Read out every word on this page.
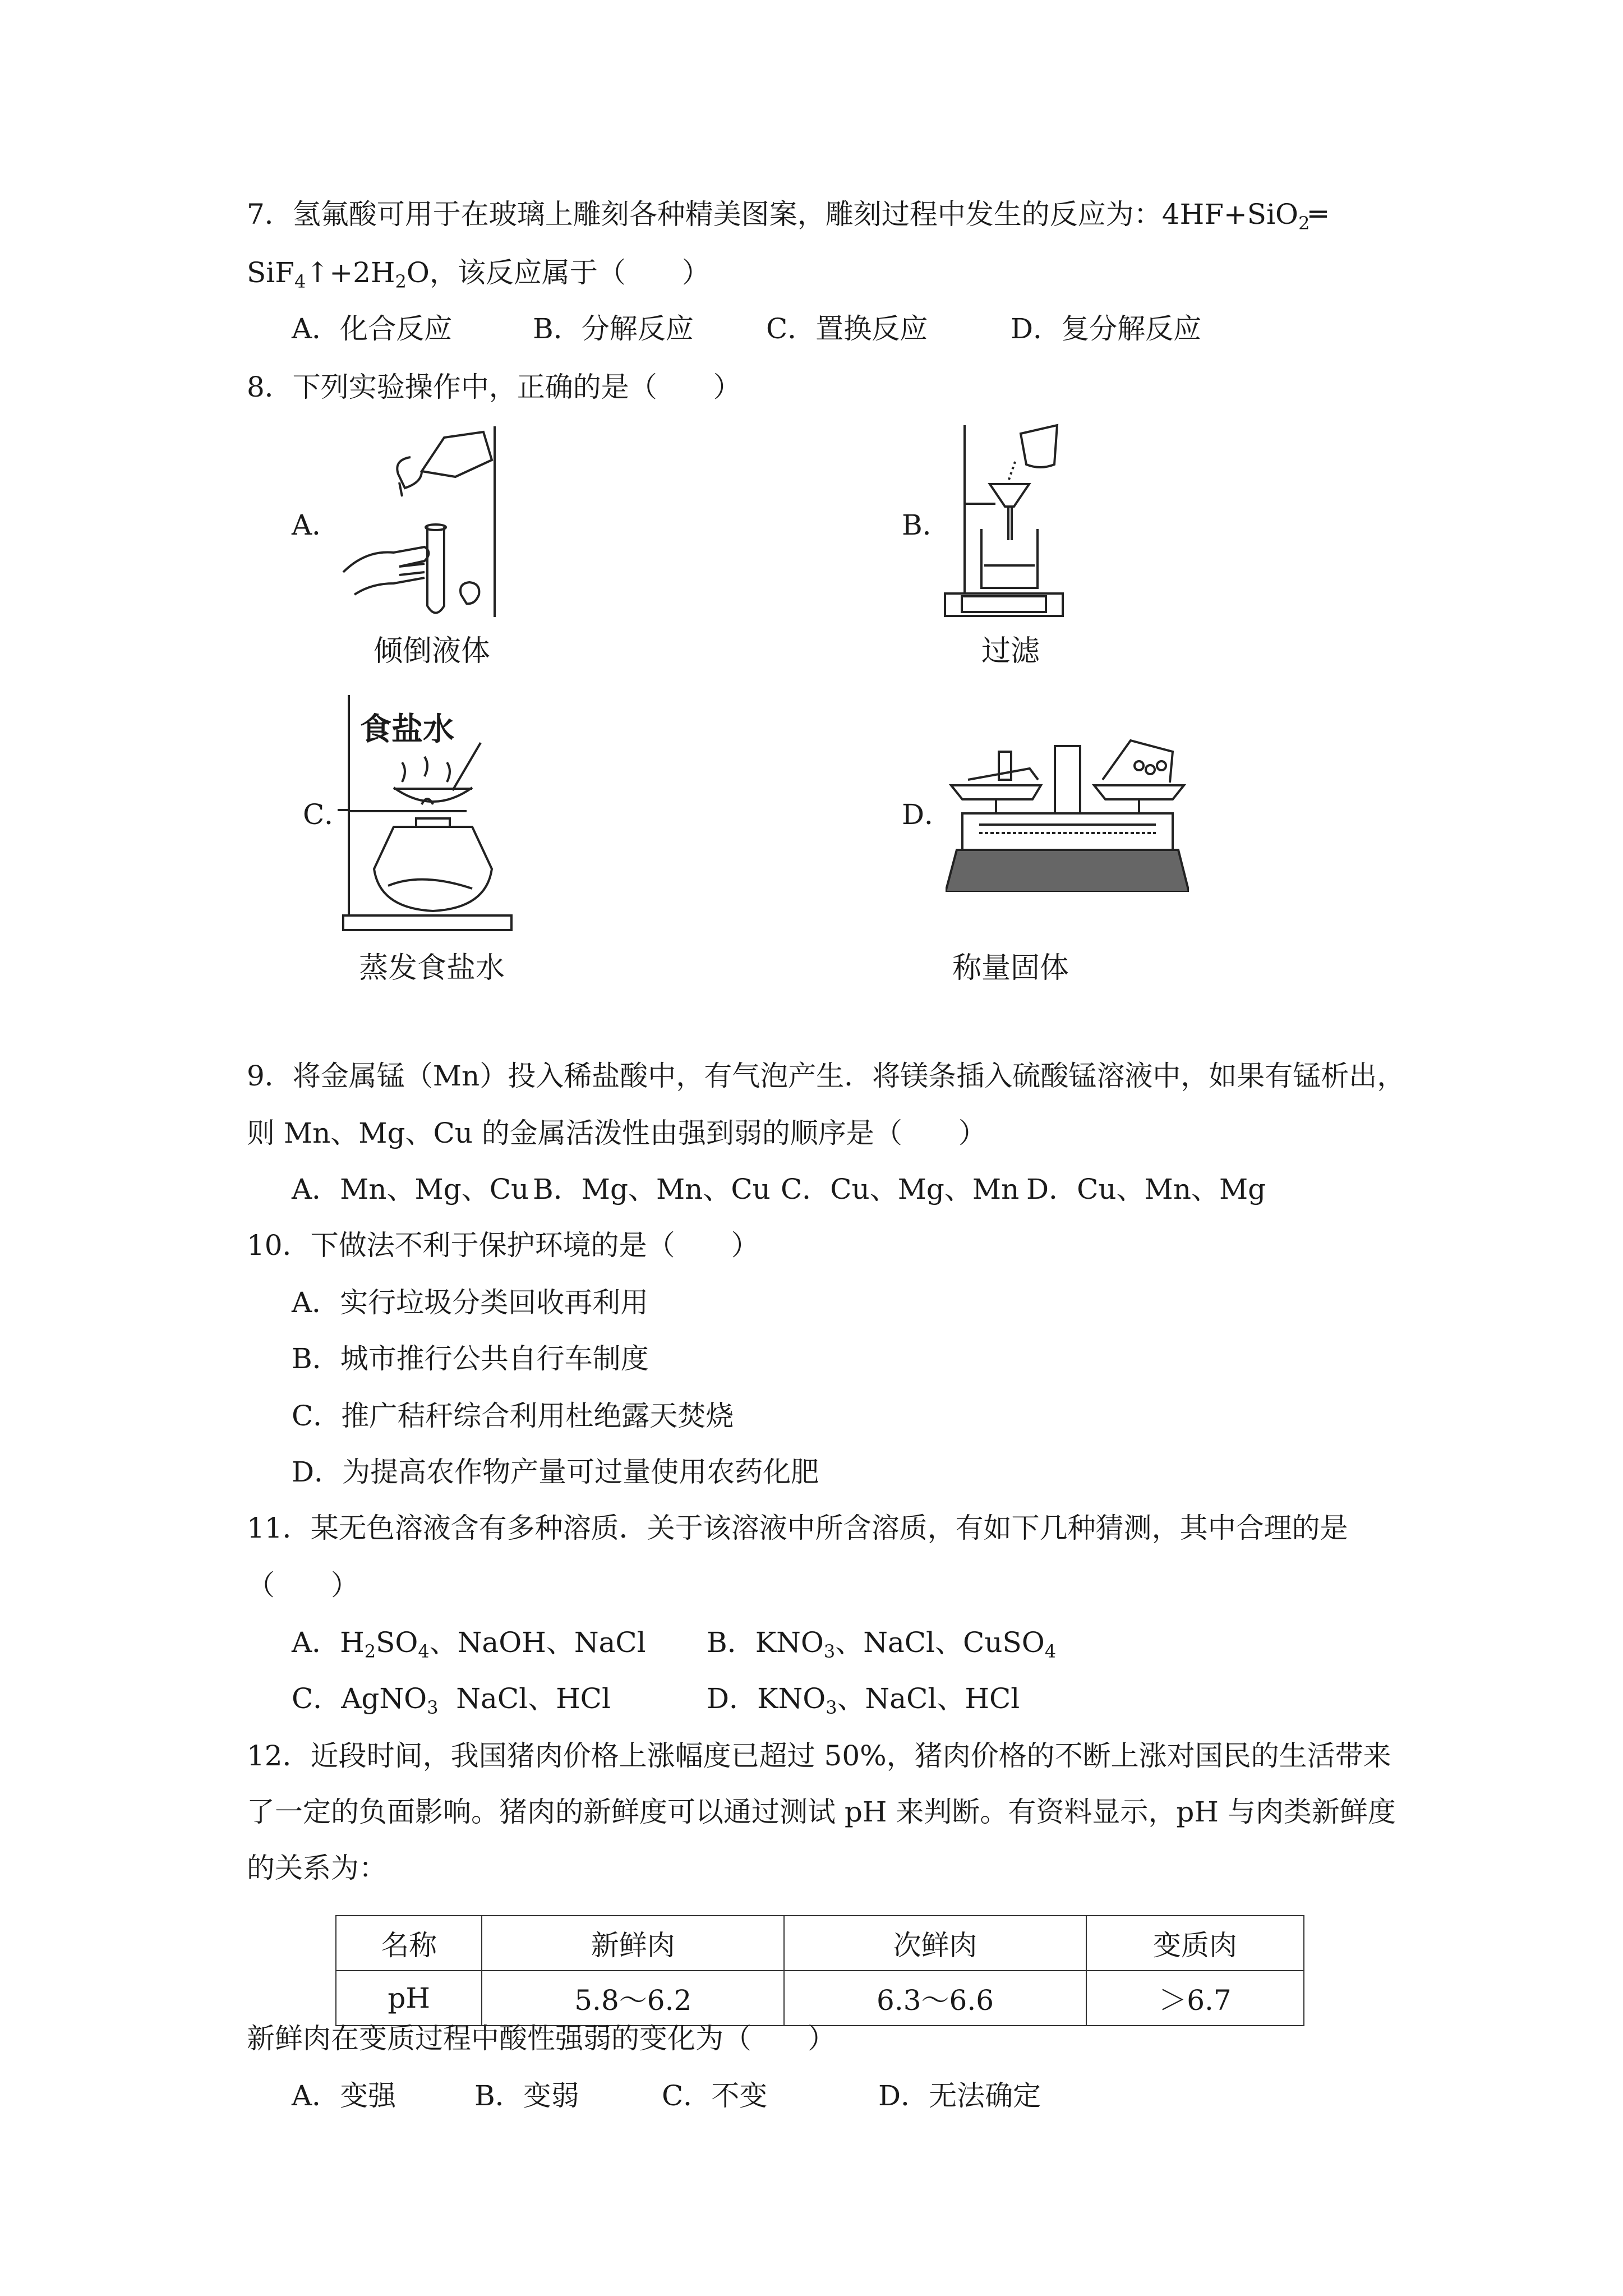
7．氢氟酸可用于在玻璃上雕刻各种精美图案，雕刻过程中发生的反应为：4HF+SiO$_2$═
$SiF_4↑+2H_2O$，该反应属于（　　）
A．化合反应	B．分解反应	C．置换反应	D．复分解反应
8．下列实验操作中，正确的是（　　）
A．
倾倒液体
B．
过滤
C．
食盐水
蒸发食盐水
D．
称量固体
9．将金属锰（Mn）投入稀盐酸中，有气泡产生．将镁条插入硫酸锰溶液中，如果有锰析出，
则 Mn、Mg、Cu 的金属活泼性由强到弱的顺序是（　　）
A．Mn、Mg、Cu B．Mg、Mn、Cu C．Cu、Mg、Mn D．Cu、Mn、Mg
10．下做法不利于保护环境的是（　　）
A．实行垃圾分类回收再利用
B．城市推行公共自行车制度
C．推广秸秆综合利用杜绝露天焚烧
D．为提高农作物产量可过量使用农药化肥
11．某无色溶液含有多种溶质．关于该溶液中所含溶质，有如下几种猜测，其中合理的是
（　　）
A．$H_2SO_4$、NaOH、NaCl B．$KNO_3$、NaCl、CuSO$_4$
C．AgNO$_3$  NaCl、HCl	D．$KNO_3$、NaCl、HCl
12．近段时间，我国猪肉价格上涨幅度已超过 50%，猪肉价格的不断上涨对国民的生活带来
了一定的负面影响。猪肉的新鲜度可以通过测试 pH 来判断。有资料显示，pH 与肉类新鲜度
的关系为：
名称	新鲜肉	次鲜肉	变质肉
pH	5.8～6.2	6.3～6.6	＞6.7
新鲜肉在变质过程中酸性强弱的变化为（　　）
A．变强	B．变弱	C．不变	D．无法确定
